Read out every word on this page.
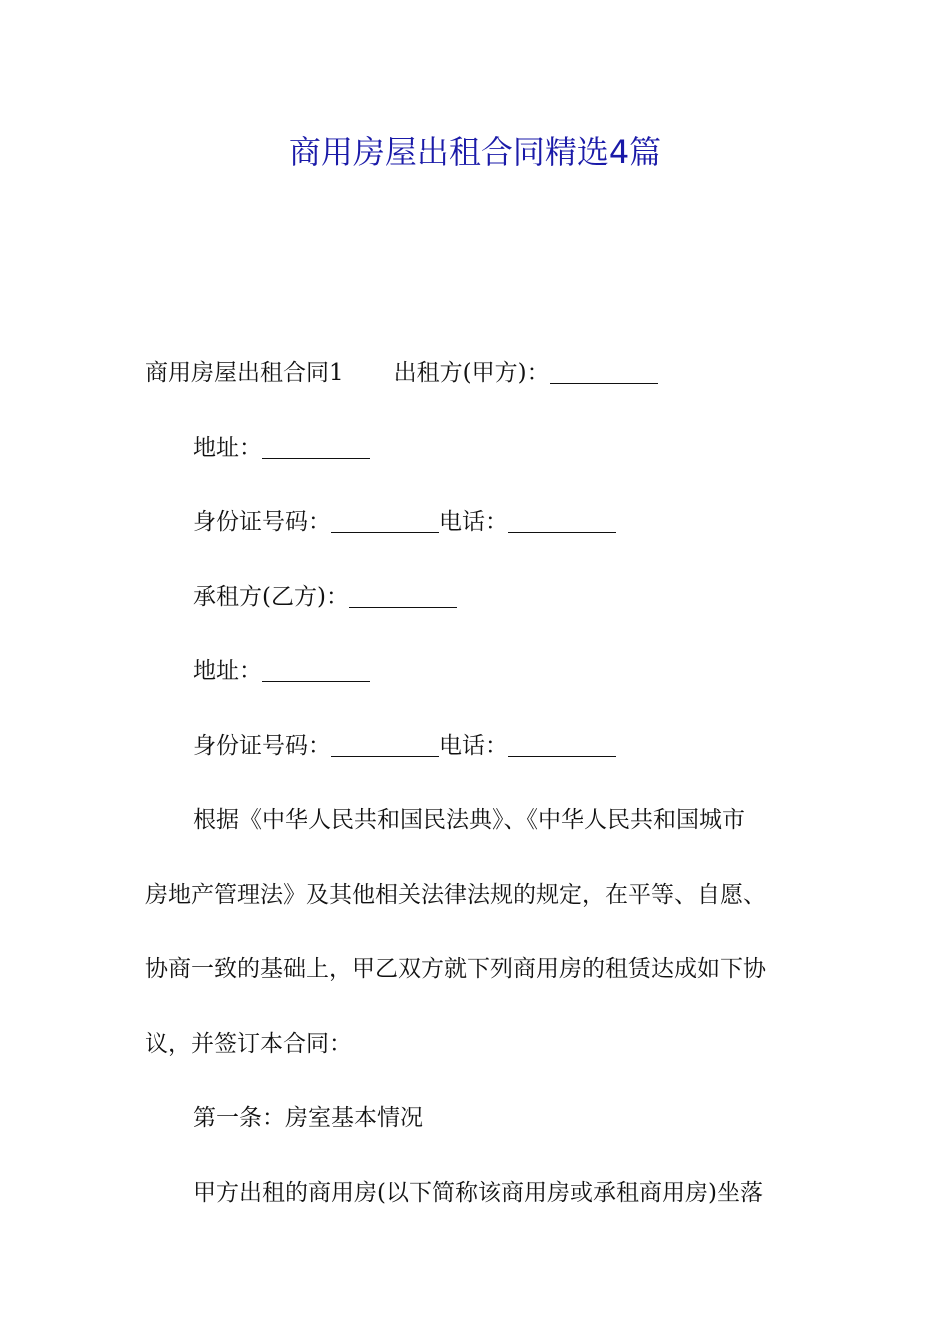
商用房屋出租合同精选4篇

商用房屋出租合同1 出租方(甲方)：

地址：

身份证号码：	电话：

承租方(乙方)：

地址：

身份证号码：	电话：

根据《中华人民共和国民法典》、《中华人民共和国城市

房地产管理法》及其他相关法律法规的规定，在平等、自愿、

协商一致的基础上，甲乙双方就下列商用房的租赁达成如下协

议，并签订本合同：

第一条：房室基本情况

甲方出租的商用房(以下简称该商用房或承租商用房)坐落
